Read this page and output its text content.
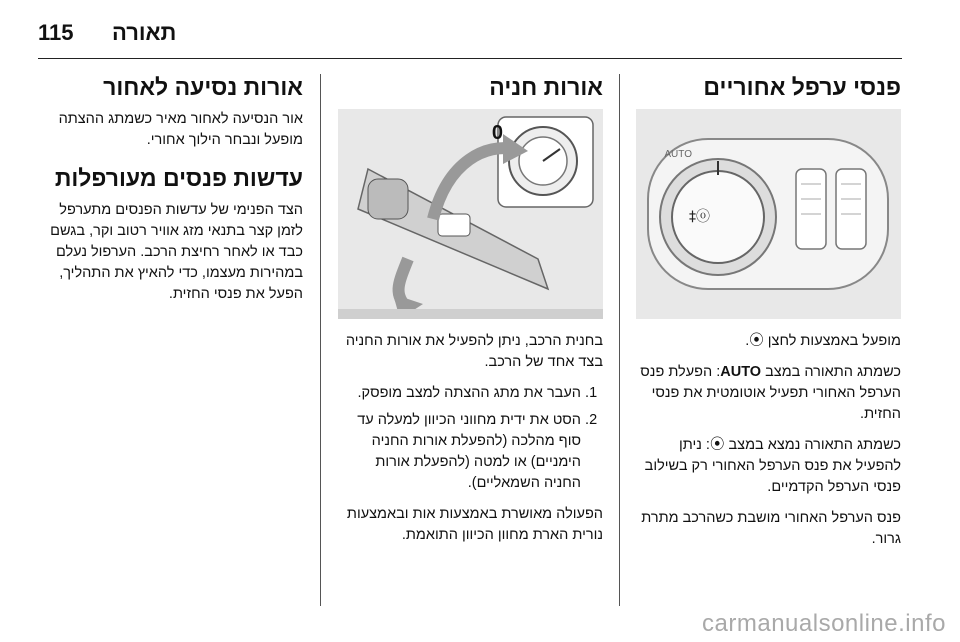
115 תאורה
פנסי ערפל אחוריים
ⓞ‡
AUTO

מופעל באמצעות לחצן ⦿.

כשמתג התאורה במצב AUTO: הפעלת פנס הערפל האחורי תפעיל אוטומטית את פנסי החזית.

כשמתג התאורה נמצא במצב ⦿: ניתן להפעיל את פנס הערפל האחורי רק בשילוב פנסי הערפל הקדמיים.

פנס הערפל האחורי מושבת כשהרכב מתרת גרור.

אורות חניה
0

בחנית הרכב, ניתן להפעיל את אורות החניה בצד אחד של הרכב.

1. העבר את מתג ההצתה למצב מופסק.
2. הסט את ידית מחווני הכיוון למעלה עד סוף מהלכה (להפעלת אורות החניה הימניים) או למטה (להפעלת אורות החניה השמאליים).

הפעולה מאושרת באמצעות אות ובאמצעות נורית הארת מחוון הכיוון התואמת.

אורות נסיעה לאחור

אור הנסיעה לאחור מאיר כשמתג ההצתה מופעל ונבחר הילוך אחורי.

עדשות פנסים מעורפלות

הצד הפנימי של עדשות הפנסים מתערפל לזמן קצר בתנאי מזג אוויר רטוב וקר, בגשם כבד או לאחר רחיצת הרכב. הערפול נעלם במהירות מעצמו, כדי להאיץ את התהליך, הפעל את פנסי החזית.

carmanualsonline.info
